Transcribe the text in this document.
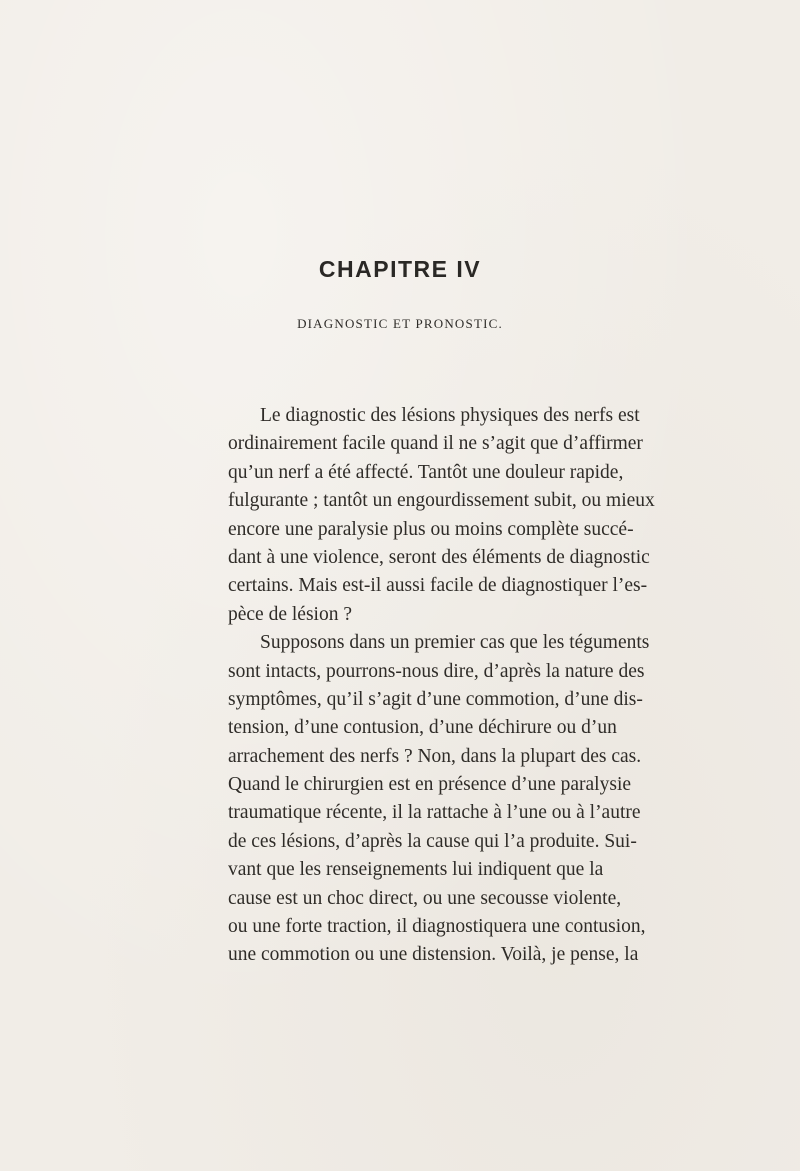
CHAPITRE IV
DIAGNOSTIC ET PRONOSTIC.
Le diagnostic des lésions physiques des nerfs est
ordinairement facile quand il ne s’agit que d’affirmer
qu’un nerf a été affecté. Tantôt une douleur rapide,
fulgurante ; tantôt un engourdissement subit, ou mieux
encore une paralysie plus ou moins complète succé-
dant à une violence, seront des éléments de diagnostic
certains. Mais est-il aussi facile de diagnostiquer l’es-
pèce de lésion ?
Supposons dans un premier cas que les téguments
sont intacts, pourrons-nous dire, d’après la nature des
symptômes, qu’il s’agit d’une commotion, d’une dis-
tension, d’une contusion, d’une déchirure ou d’un
arrachement des nerfs ? Non, dans la plupart des cas.
Quand le chirurgien est en présence d’une paralysie
traumatique récente, il la rattache à l’une ou à l’autre
de ces lésions, d’après la cause qui l’a produite. Sui-
vant que les renseignements lui indiquent que la
cause est un choc direct, ou une secousse violente,
ou une forte traction, il diagnostiquera une contusion,
une commotion ou une distension. Voilà, je pense, la
